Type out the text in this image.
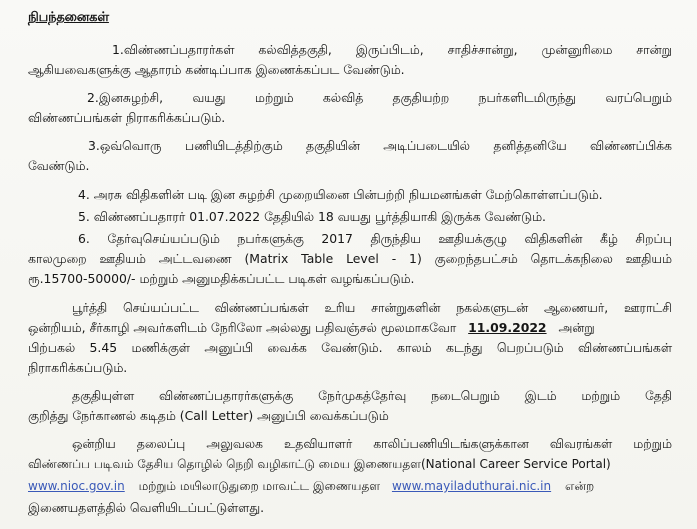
நிபந்தனைகள்
1.விண்ணப்பதாரர்கள் கல்வித்தகுதி, இருப்பிடம், சாதிச்சான்று, முன்னுரிமை சான்று
ஆகியவைகளுக்கு ஆதாரம் கண்டிப்பாக இணைக்கப்பட வேண்டும்.
2.இனசுழற்சி, வயது மற்றும் கல்வித் தகுதியற்ற நபர்களிடமிருந்து வரப்பெறும்
விண்ணப்பங்கள் நிராகரிக்கப்படும்.
3.ஒவ்வொரு பணியிடத்திற்கும் தகுதியின் அடிப்படையில் தனித்தனியே விண்ணப்பிக்க
வேண்டும்.
4. அரசு விதிகளின் படி இன சுழற்சி முறையினை பின்பற்றி நியமனங்கள் மேற்கொள்ளப்படும்.
5. விண்ணப்பதாரர் 01.07.2022 தேதியில் 18 வயது பூர்த்தியாகி இருக்க வேண்டும்.
6. தேர்வுசெய்யப்படும் நபர்களுக்கு 2017 திருந்திய ஊதியக்குழு விதிகளின் கீழ் சிறப்பு
காலமுறை ஊதியம் அட்டவணை (Matrix Table Level - 1) குறைந்தபட்சம் தொடக்கநிலை ஊதியம்
ரூ.15700-50000/- மற்றும் அனுமதிக்கப்பட்ட படிகள் வழங்கப்படும்.
பூர்த்தி செய்யப்பட்ட விண்ணப்பங்கள் உரிய சான்றுகளின் நகல்களுடன் ஆணையர், ஊராட்சி
ஒன்றியம், சீர்காழி அவர்களிடம் நேரிலோ அல்லது பதிவஞ்சல் மூலமாகவோ 11.09.2022 அன்று
பிற்பகல் 5.45 மணிக்குள் அனுப்பி வைக்க வேண்டும். காலம் கடந்து பெறப்படும் விண்ணப்பங்கள்
நிராகரிக்கப்படும்.
தகுதியுள்ள விண்ணப்பதாரர்களுக்கு நேர்முகத்தேர்வு நடைபெறும் இடம் மற்றும் தேதி
குறித்து நேர்காணல் கடிதம் (Call Letter) அனுப்பி வைக்கப்படும்
ஒன்றிய தலைப்பு அலுவலக உதவியாளர் காலிப்பணியிடங்களுக்கான விவரங்கள் மற்றும்
விண்ணப்ப படிவம் தேசிய தொழில் நெறி வழிகாட்டு மைய இணையதள(National Career Service Portal)
www.nioc.gov.in மற்றும் மயிலாடுதுறை மாவட்ட இணையதள www.mayiladuthurai.nic.in என்ற
இணையதளத்தில் வெளியிடப்பட்டுள்ளது.
